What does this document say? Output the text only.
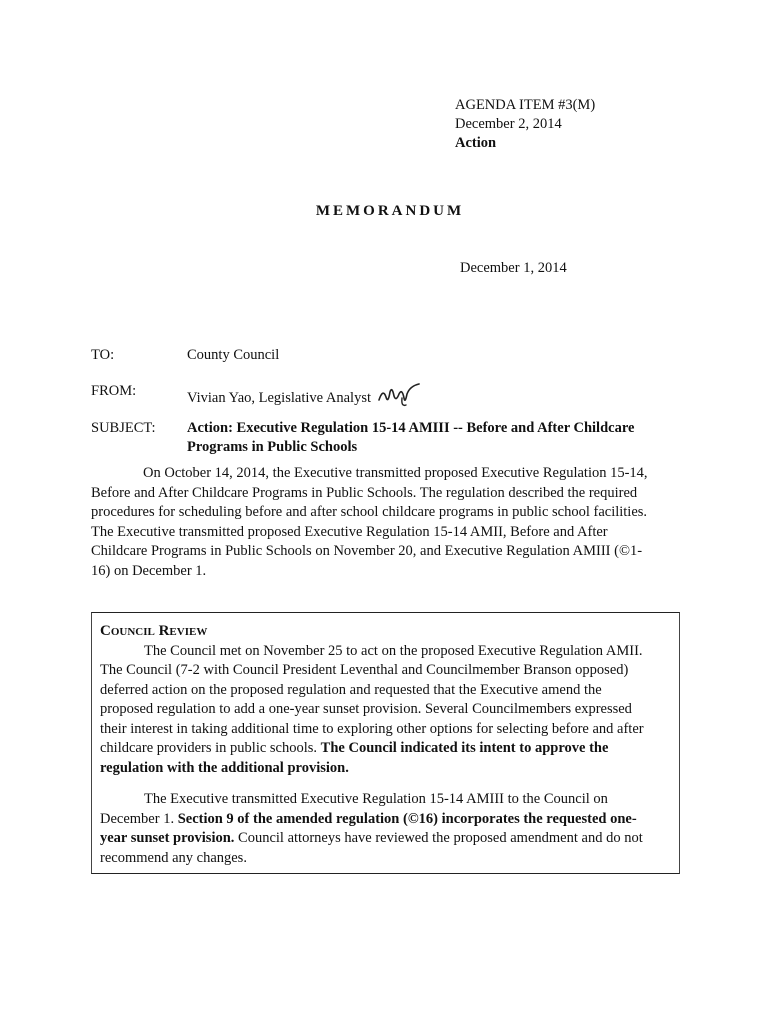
AGENDA ITEM #3(M)
December 2, 2014
Action
MEMORANDUM
December 1, 2014
TO:	County Council
FROM:	Vivian Yao, Legislative Analyst
SUBJECT:	Action: Executive Regulation 15-14 AMIII -- Before and After Childcare
Programs in Public Schools
On October 14, 2014, the Executive transmitted proposed Executive Regulation 15-14,
Before and After Childcare Programs in Public Schools. The regulation described the required
procedures for scheduling before and after school childcare programs in public school facilities.
The Executive transmitted proposed Executive Regulation 15-14 AMII, Before and After
Childcare Programs in Public Schools on November 20, and Executive Regulation AMIII (©1-
16) on December 1.
Council Review
The Council met on November 25 to act on the proposed Executive Regulation AMII.
The Council (7-2 with Council President Leventhal and Councilmember Branson opposed)
deferred action on the proposed regulation and requested that the Executive amend the
proposed regulation to add a one-year sunset provision. Several Councilmembers expressed
their interest in taking additional time to exploring other options for selecting before and after
childcare providers in public schools. The Council indicated its intent to approve the
regulation with the additional provision.
The Executive transmitted Executive Regulation 15-14 AMIII to the Council on
December 1. Section 9 of the amended regulation (©16) incorporates the requested one-
year sunset provision. Council attorneys have reviewed the proposed amendment and do not
recommend any changes.
